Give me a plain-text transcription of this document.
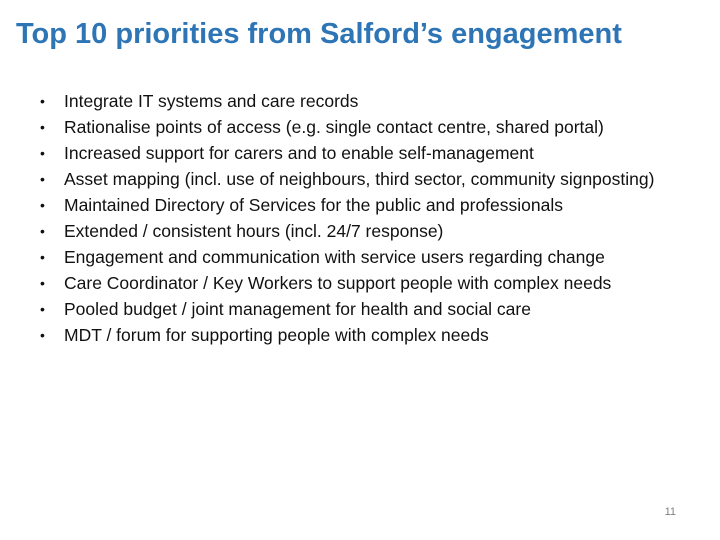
Top 10 priorities from Salford’s engagement
•	Integrate IT systems and care records
•	Rationalise points of access (e.g. single contact centre, shared portal)
•	Increased support for carers and to enable self-management
•	Asset mapping (incl. use of neighbours, third sector, community signposting)
•	Maintained Directory of Services for the public and professionals
•	Extended / consistent hours (incl. 24/7 response)
•	Engagement and communication with service users regarding change
•	Care Coordinator / Key Workers to support people with complex needs
•	Pooled budget / joint management for health and social care
•	MDT / forum for supporting people with complex needs
11
